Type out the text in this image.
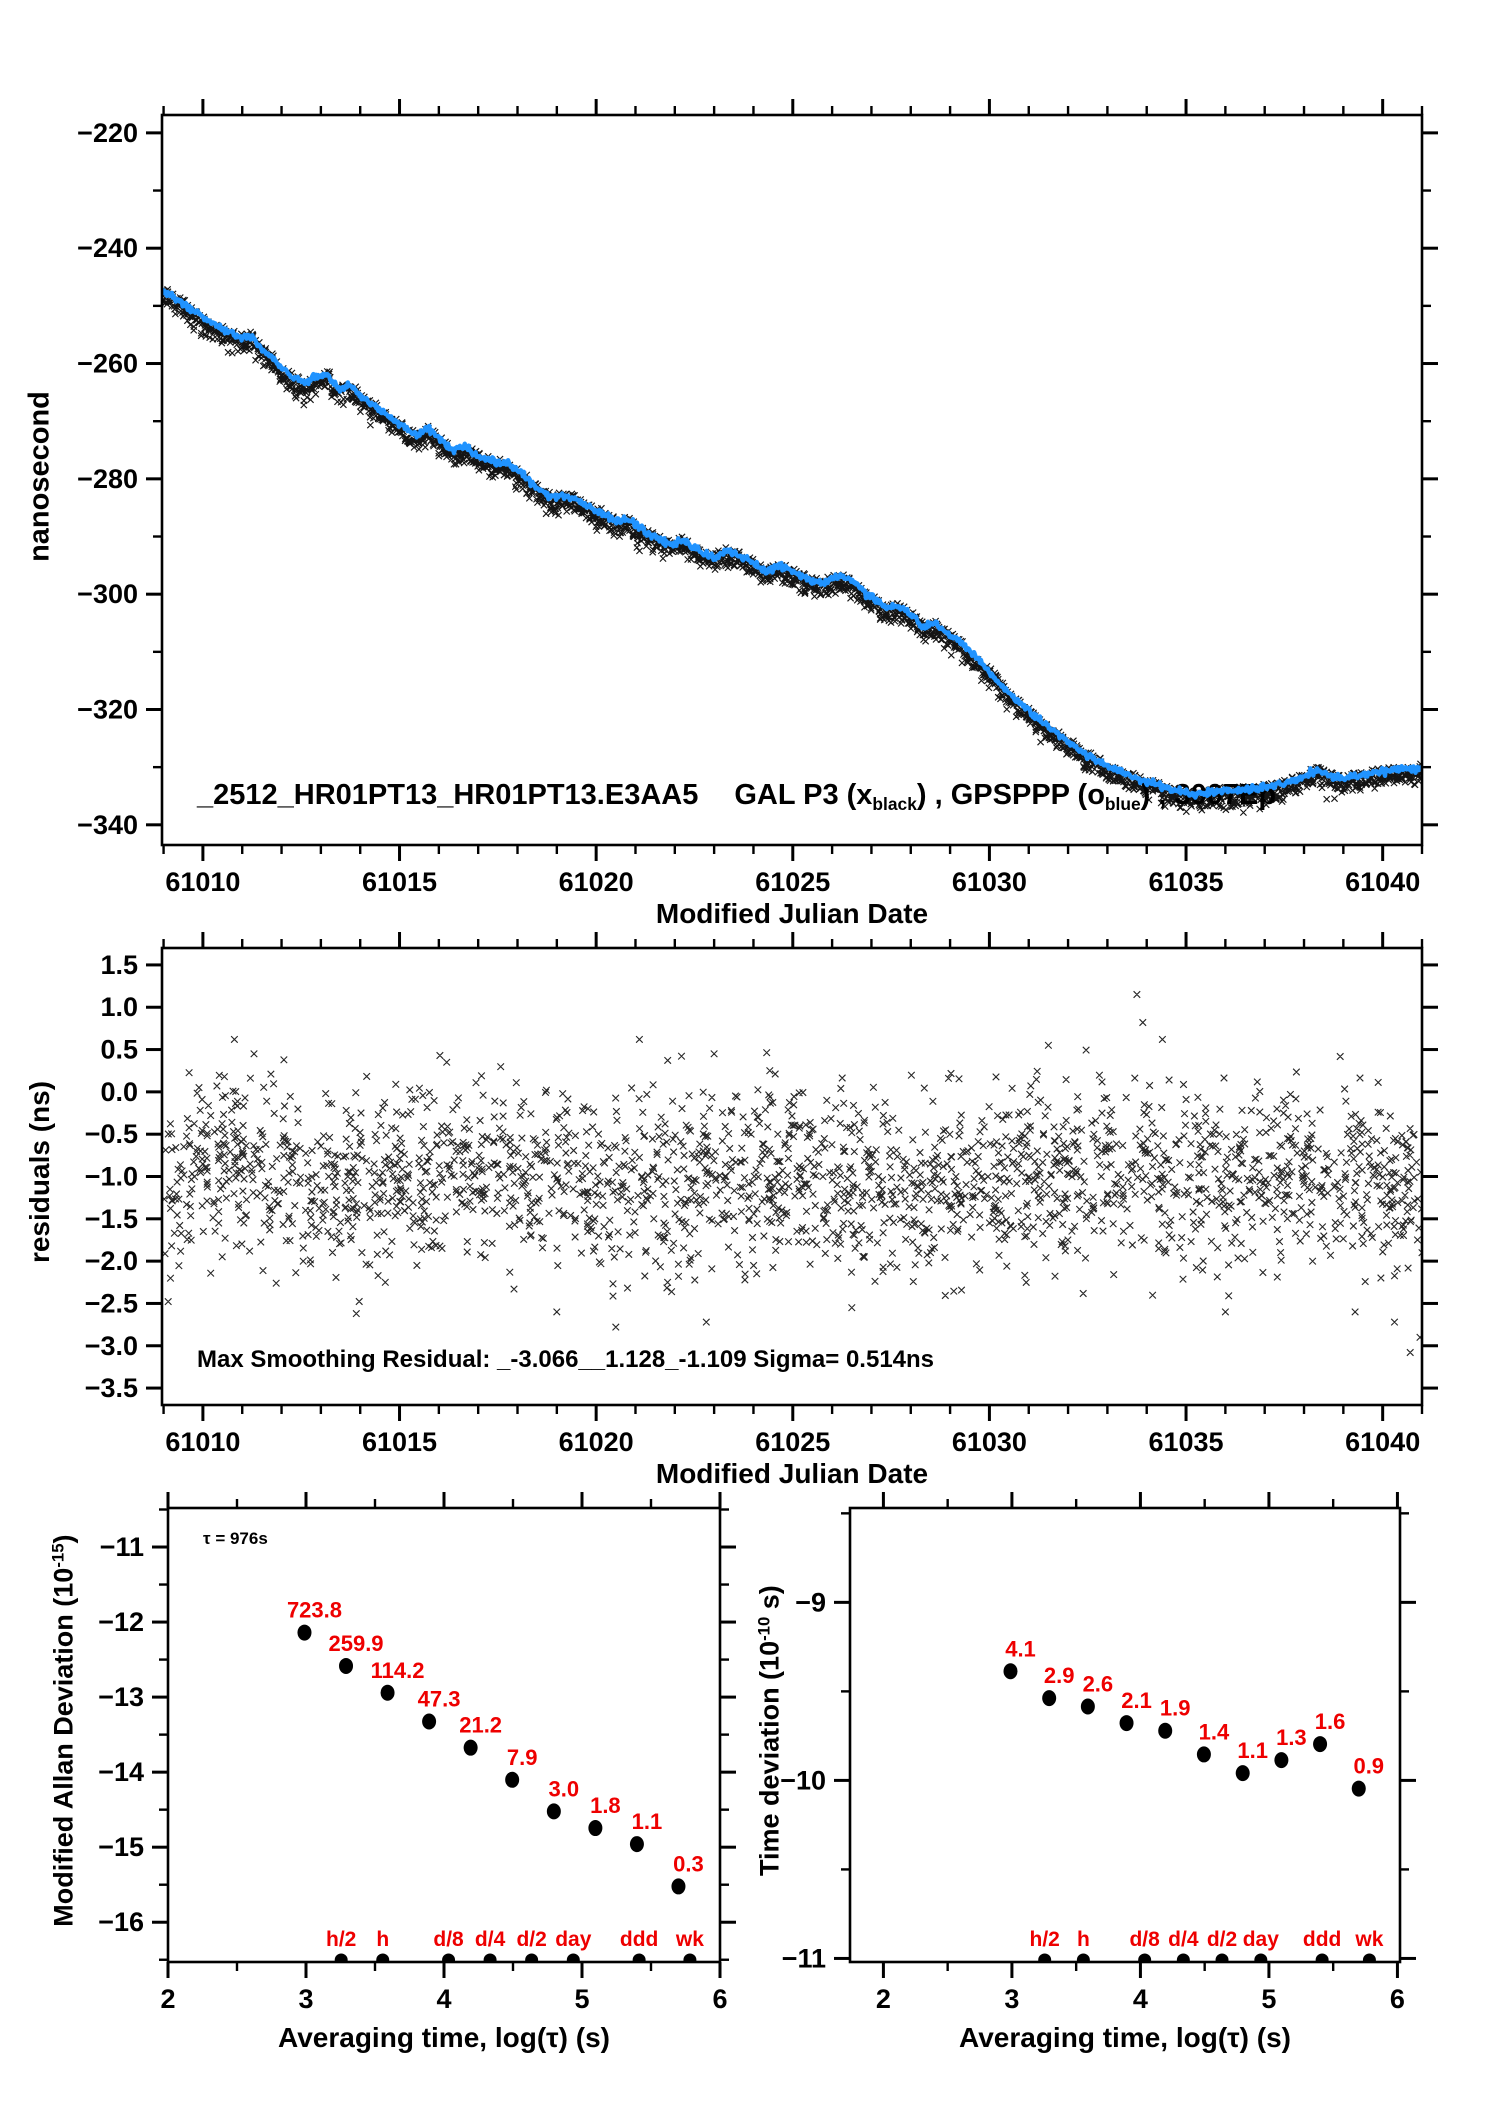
61010	61015	61020	61025	61030	61035	61040
−220
−240
−260
−280
−300
−320
−340
61010	61015	61020	61025	61030	61035	61040
1.5
1.0
0.5
0.0
−0.5
−1.0
−1.5
−2.0
−2.5
−3.0
−3.5
2	3	4	5	6
−11
−12
−13
−14
−15
−16
h/2 h d/8 d/4 d/2 day ddd wk
723.8
259.9
114.2
47.3
21.2
7.9
3.0
1.8
1.1
0.3
2	3	4	5	6
−9
−10
−11
h/2 h d/8 d/4 d/2 day ddd wk
4.1
2.9 2.6
2.1 1.9
1.4
1.1
1.3
1.6
0.9
nanosecond
Modified Julian Date
_2512_HR01PT13_HR01PT13.E3AA5 GAL P3 $(x_{black})$ , GPSPPP $(o_{blue})$ , 3007Ep
residuals (ns)
Modified Julian Date
Max Smoothing Residual: _-3.066__1.128_-1.109 Sigma= 0.514ns
Modified Allan Deviation $(10^{-15})$
Averaging time, log(τ) (s)
τ = 976s
Time deviation ($10^{-10}$ s)
Averaging time, log(τ) (s)
